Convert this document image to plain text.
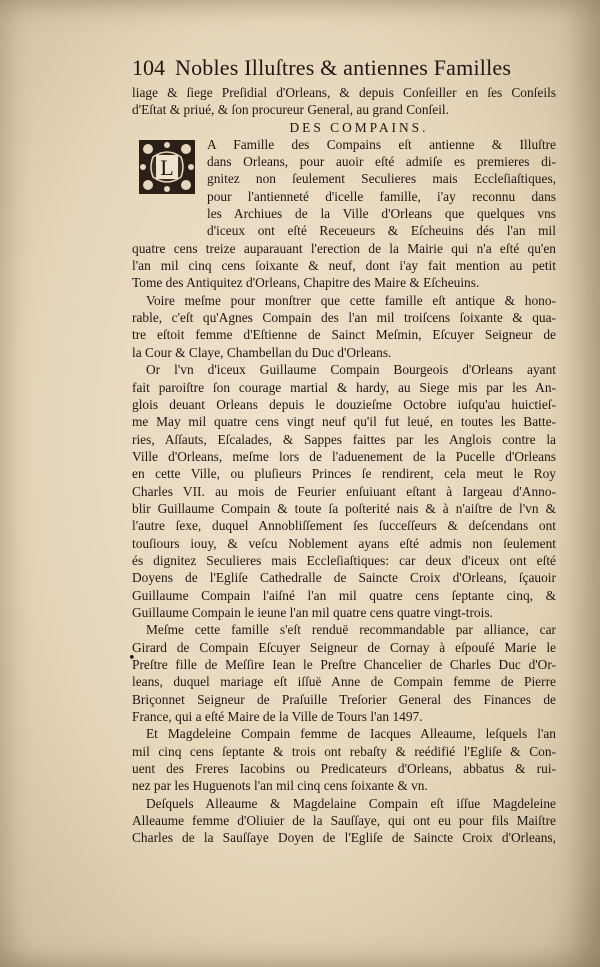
104 Nobles Illuſtres & antiennes Familles
liage & ſiege Preſidial d'Orleans, & depuis Conſeiller en ſes Conſeils
d'Eſtat & priué, & ſon procureur General, au grand Conſeil.
DES COMPAINS.
L
A Famille des Compains eſt antienne & Illuſtre
dans Orleans, pour auoir eſté admiſe es premieres di-
gnitez non ſeulement Seculieres mais Eccleſiaſtiques,
pour l'antienneté d'icelle famille, i'ay reconnu dans
les Archiues de la Ville d'Orleans que quelques vns
d'iceux ont eſté Receueurs & Eſcheuins dés l'an mil
quatre cens treize auparauant l'erection de la Mairie qui n'a eſté qu'en
l'an mil cinq cens ſoixante & neuf, dont i'ay fait mention au petit
Tome des Antiquitez d'Orleans, Chapitre des Maire & Eſcheuins.
Voire meſme pour monſtrer que cette famille eſt antique & hono-
rable, c'eſt qu'Agnes Compain des l'an mil troiſcens ſoixante & qua-
tre eſtoit femme d'Eſtienne de Sainct Meſmin, Eſcuyer Seigneur de
la Cour & Claye, Chambellan du Duc d'Orleans.
Or l'vn d'iceux Guillaume Compain Bourgeois d'Orleans ayant
fait paroiſtre ſon courage martial & hardy, au Siege mis par les An-
glois deuant Orleans depuis le douzieſme Octobre iuſqu'au huictieſ-
me May mil quatre cens vingt neuf qu'il fut leué, en toutes les Batte-
ries, Aſſauts, Eſcalades, & Sappes faittes par les Anglois contre la
Ville d'Orleans, meſme lors de l'aduenement de la Pucelle d'Orleans
en cette Ville, ou pluſieurs Princes ſe rendirent, cela meut le Roy
Charles VII. au mois de Feurier enſuiuant eſtant à Iargeau d'Anno-
blir Guillaume Compain & toute ſa poſterité nais & à n'aiſtre de l'vn &
l'autre ſexe, duquel Annobliſſement ſes ſucceſſeurs & deſcendans ont
touſiours iouy, & veſcu Noblement ayans eſté admis non ſeulement
és dignitez Seculieres mais Eccleſiaſtiques: car deux d'iceux ont eſté
Doyens de l'Egliſe Cathedralle de Saincte Croix d'Orleans, ſçauoir
Guillaume Compain l'aiſné l'an mil quatre cens ſeptante cinq, &
Guillaume Compain le ieune l'an mil quatre cens quatre vingt-trois.
Meſme cette famille s'eſt renduë recommandable par alliance, car
Girard de Compain Eſcuyer Seigneur de Cornay à eſpouſé Marie le
Preſtre fille de Meſſire Iean le Preſtre Chancelier de Charles Duc d'Or-
leans, duquel mariage eſt iſſuë Anne de Compain femme de Pierre
Briçonnet Seigneur de Praſuille Treſorier General des Finances de
France, qui a eſté Maire de la Ville de Tours l'an 1497.
Et Magdeleine Compain femme de Iacques Alleaume, leſquels l'an
mil cinq cens ſeptante & trois ont rebaſty & reédifié l'Egliſe & Con-
uent des Freres Iacobins ou Predicateurs d'Orleans, abbatus & rui-
nez par les Huguenots l'an mil cinq cens ſoixante & vn.
Deſquels Alleaume & Magdelaine Compain eſt iſſue Magdeleine
Alleaume femme d'Oliuier de la Sauſſaye, qui ont eu pour fils Maiſtre
Charles de la Sauſſaye Doyen de l'Egliſe de Saincte Croix d'Orleans,
•
